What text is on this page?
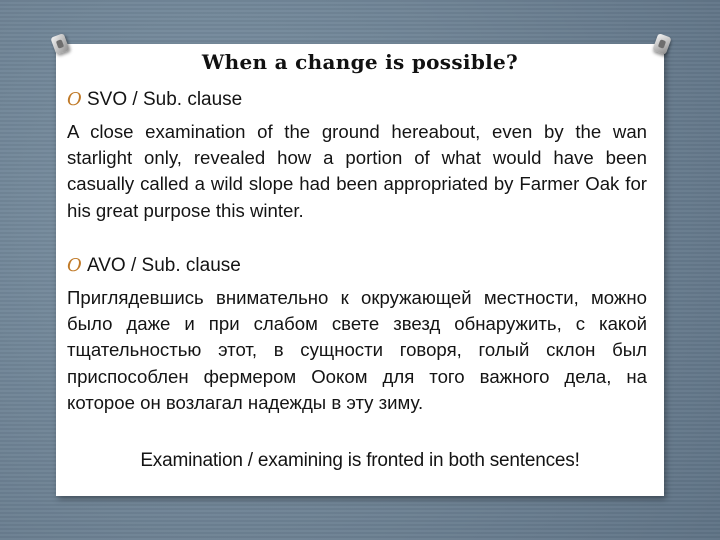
When a change is possible?
O SVO / Sub. clause

A close examination of the ground hereabout, even by the wan starlight only, revealed how a portion of what would have been casually called a wild slope had been appropriated by Farmer Oak for his great purpose this winter.

O AVO / Sub. clause

Приглядевшись внимательно к окружающей местности, можно было даже и при слабом свете звезд обнаружить, с какой тщательностью этот, в сущности говоря, голый склон был приспособлен фермером Ооком для того важного дела, на которое он возлагал надежды в эту зиму.

Examination / examining is fronted in both sentences!
